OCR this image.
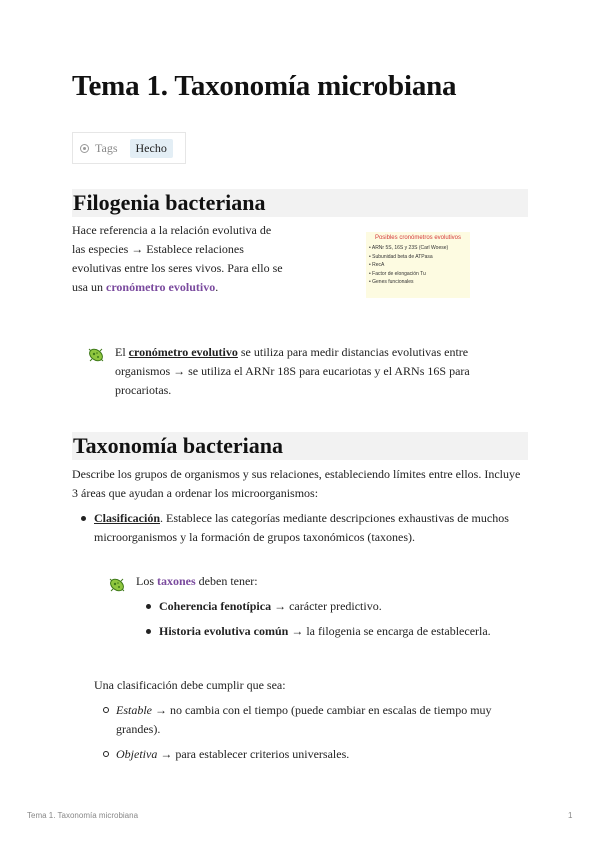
Tema 1. Taxonomía microbiana
Tags	Hecho
Filogenia bacteriana
Hace referencia a la relación evolutiva de
las especies → Establece relaciones
evolutivas entre los seres vivos. Para ello se
usa un cronómetro evolutivo.
Posibles cronómetros evolutivos
• ARNr 5S, 16S y 23S (Carl Woese)
• Subunidad beta de ATPasa
• RecA
• Factor de elongación Tu
• Genes funcionales
El cronómetro evolutivo se utiliza para medir distancias evolutivas entre
organismos → se utiliza el ARNr 18S para eucariotas y el ARNs 16S para
procariotas.
Taxonomía bacteriana
Describe los grupos de organismos y sus relaciones, estableciendo límites entre ellos. Incluye
3 áreas que ayudan a ordenar los microorganismos:
Clasificación. Establece las categorías mediante descripciones exhaustivas de muchos
microorganismos y la formación de grupos taxonómicos (taxones).
Los taxones deben tener:
Coherencia fenotípica → carácter predictivo.
Historia evolutiva común → la filogenia se encarga de establecerla.
Una clasificación debe cumplir que sea:
Estable → no cambia con el tiempo (puede cambiar en escalas de tiempo muy
grandes).
Objetiva → para establecer criterios universales.
Tema 1. Taxonomía microbiana	1
